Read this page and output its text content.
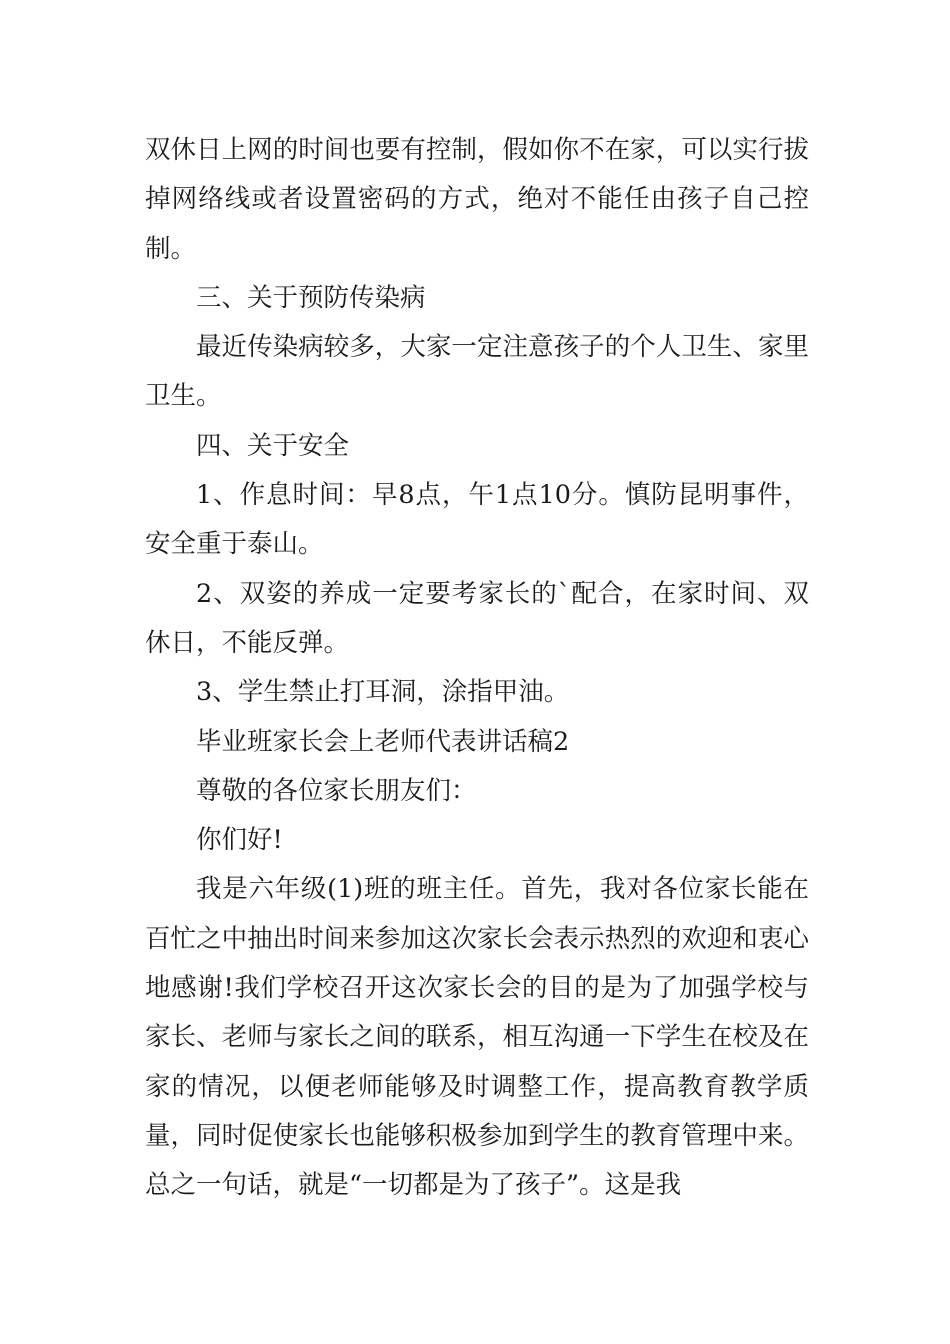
双休日上网的时间也要有控制，假如你不在家，可以实行拔掉网络线或者设置密码的方式，绝对不能任由孩子自己控制。

三、关于预防传染病

最近传染病较多，大家一定注意孩子的个人卫生、家里卫生。

四、关于安全

1、作息时间：早8点，午1点10分。慎防昆明事件，安全重于泰山。

2、双姿的养成一定要考家长的`配合，在家时间、双休日，不能反弹。

3、学生禁止打耳洞，涂指甲油。

毕业班家长会上老师代表讲话稿2

尊敬的各位家长朋友们：

你们好!

我是六年级(1)班的班主任。首先，我对各位家长能在百忙之中抽出时间来参加这次家长会表示热烈的欢迎和衷心地感谢!我们学校召开这次家长会的目的是为了加强学校与家长、老师与家长之间的联系，相互沟通一下学生在校及在家的情况，以便老师能够及时调整工作，提高教育教学质量，同时促使家长也能够积极参加到学生的教育管理中来。总之一句话，就是“一切都是为了孩子”。这是我
